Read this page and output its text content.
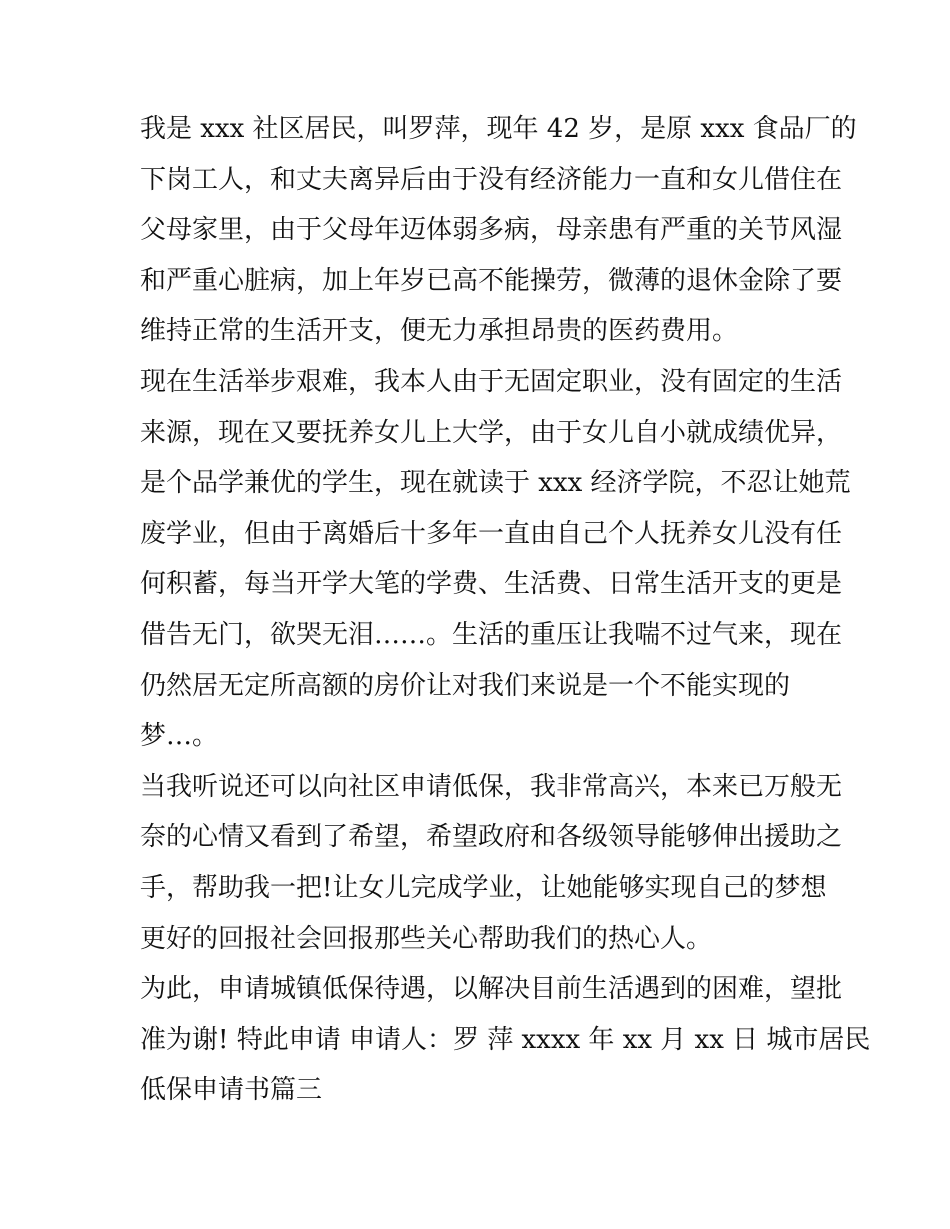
我是 xxx 社区居民，叫罗萍，现年 42 岁，是原 xxx 食品厂的
下岗工人，和丈夫离异后由于没有经济能力一直和女儿借住在
父母家里，由于父母年迈体弱多病，母亲患有严重的关节风湿
和严重心脏病，加上年岁已高不能操劳，微薄的退休金除了要
维持正常的生活开支，便无力承担昂贵的医药费用。
现在生活举步艰难，我本人由于无固定职业，没有固定的生活
来源，现在又要抚养女儿上大学，由于女儿自小就成绩优异，
是个品学兼优的学生，现在就读于 xxx 经济学院，不忍让她荒
废学业，但由于离婚后十多年一直由自己个人抚养女儿没有任
何积蓄，每当开学大笔的学费、生活费、日常生活开支的更是
借告无门，欲哭无泪……。生活的重压让我喘不过气来，现在
仍然居无定所高额的房价让对我们来说是一个不能实现的
梦…。
当我听说还可以向社区申请低保，我非常高兴，本来已万般无
奈的心情又看到了希望，希望政府和各级领导能够伸出援助之
手，帮助我一把!让女儿完成学业，让她能够实现自己的梦想
更好的回报社会回报那些关心帮助我们的热心人。
为此，申请城镇低保待遇，以解决目前生活遇到的困难，望批
准为谢! 特此申请 申请人：罗 萍 xxxx 年 xx 月 xx 日 城市居民
低保申请书篇三
